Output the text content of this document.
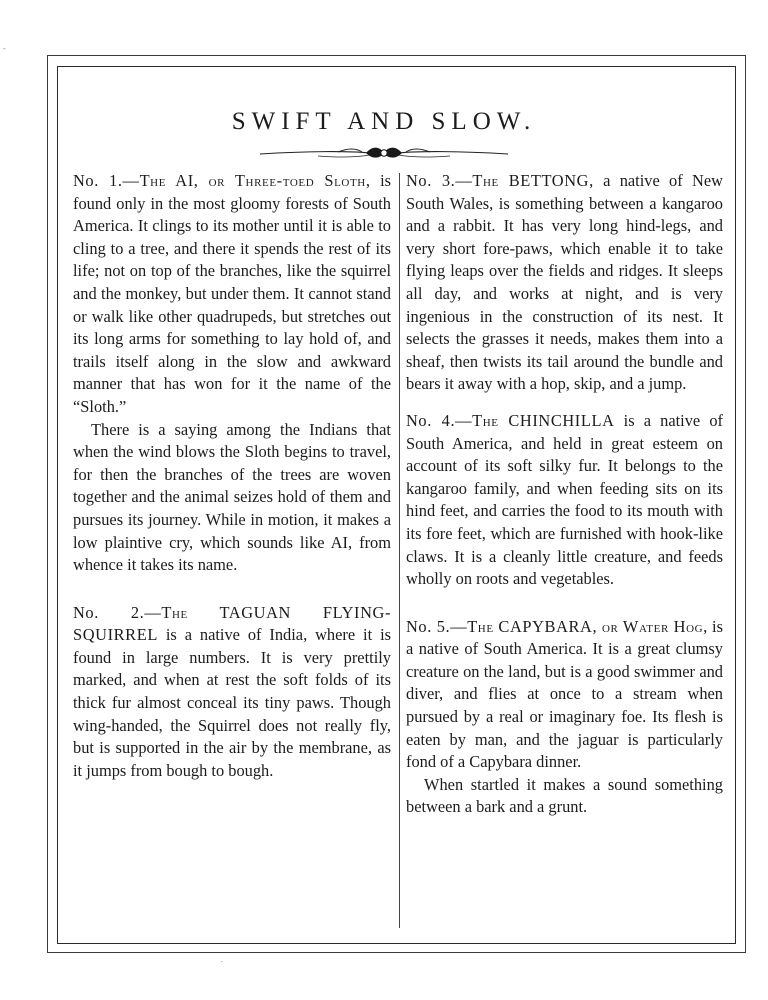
-
.
SWIFT AND SLOW.

No. 1.—The AI, or Three-toed Sloth, is found only in the most gloomy forests of South America. It clings to its mother until it is able to cling to a tree, and there it spends the rest of its life; not on top of the branches, like the squirrel and the monkey, but under them. It cannot stand or walk like other quadrupeds, but stretches out its long arms for something to lay hold of, and trails itself along in the slow and awkward manner that has won for it the name of the “Sloth.”

There is a saying among the Indians that when the wind blows the Sloth begins to travel, for then the branches of the trees are woven together and the animal seizes hold of them and pursues its journey. While in motion, it makes a low plaintive cry, which sounds like AI, from whence it takes its name.

No. 2.—The TAGUAN FLYING-SQUIRREL is a native of India, where it is found in large numbers. It is very prettily marked, and when at rest the soft folds of its thick fur almost conceal its tiny paws. Though wing-handed, the Squirrel does not really fly, but is supported in the air by the membrane, as it jumps from bough to bough.

No. 3.—The BETTONG, a native of New South Wales, is something between a kangaroo and a rabbit. It has very long hind-legs, and very short fore-paws, which enable it to take flying leaps over the fields and ridges. It sleeps all day, and works at night, and is very ingenious in the construction of its nest. It selects the grasses it needs, makes them into a sheaf, then twists its tail around the bundle and bears it away with a hop, skip, and a jump.

No. 4.—The CHINCHILLA is a native of South America, and held in great esteem on account of its soft silky fur. It belongs to the kangaroo family, and when feeding sits on its hind feet, and carries the food to its mouth with its fore feet, which are furnished with hook-like claws. It is a cleanly little creature, and feeds wholly on roots and vegetables.

No. 5.—The CAPYBARA, or Water Hog, is a native of South America. It is a great clumsy creature on the land, but is a good swimmer and diver, and flies at once to a stream when pursued by a real or imaginary foe. Its flesh is eaten by man, and the jaguar is particularly fond of a Capybara dinner.

When startled it makes a sound something between a bark and a grunt.
